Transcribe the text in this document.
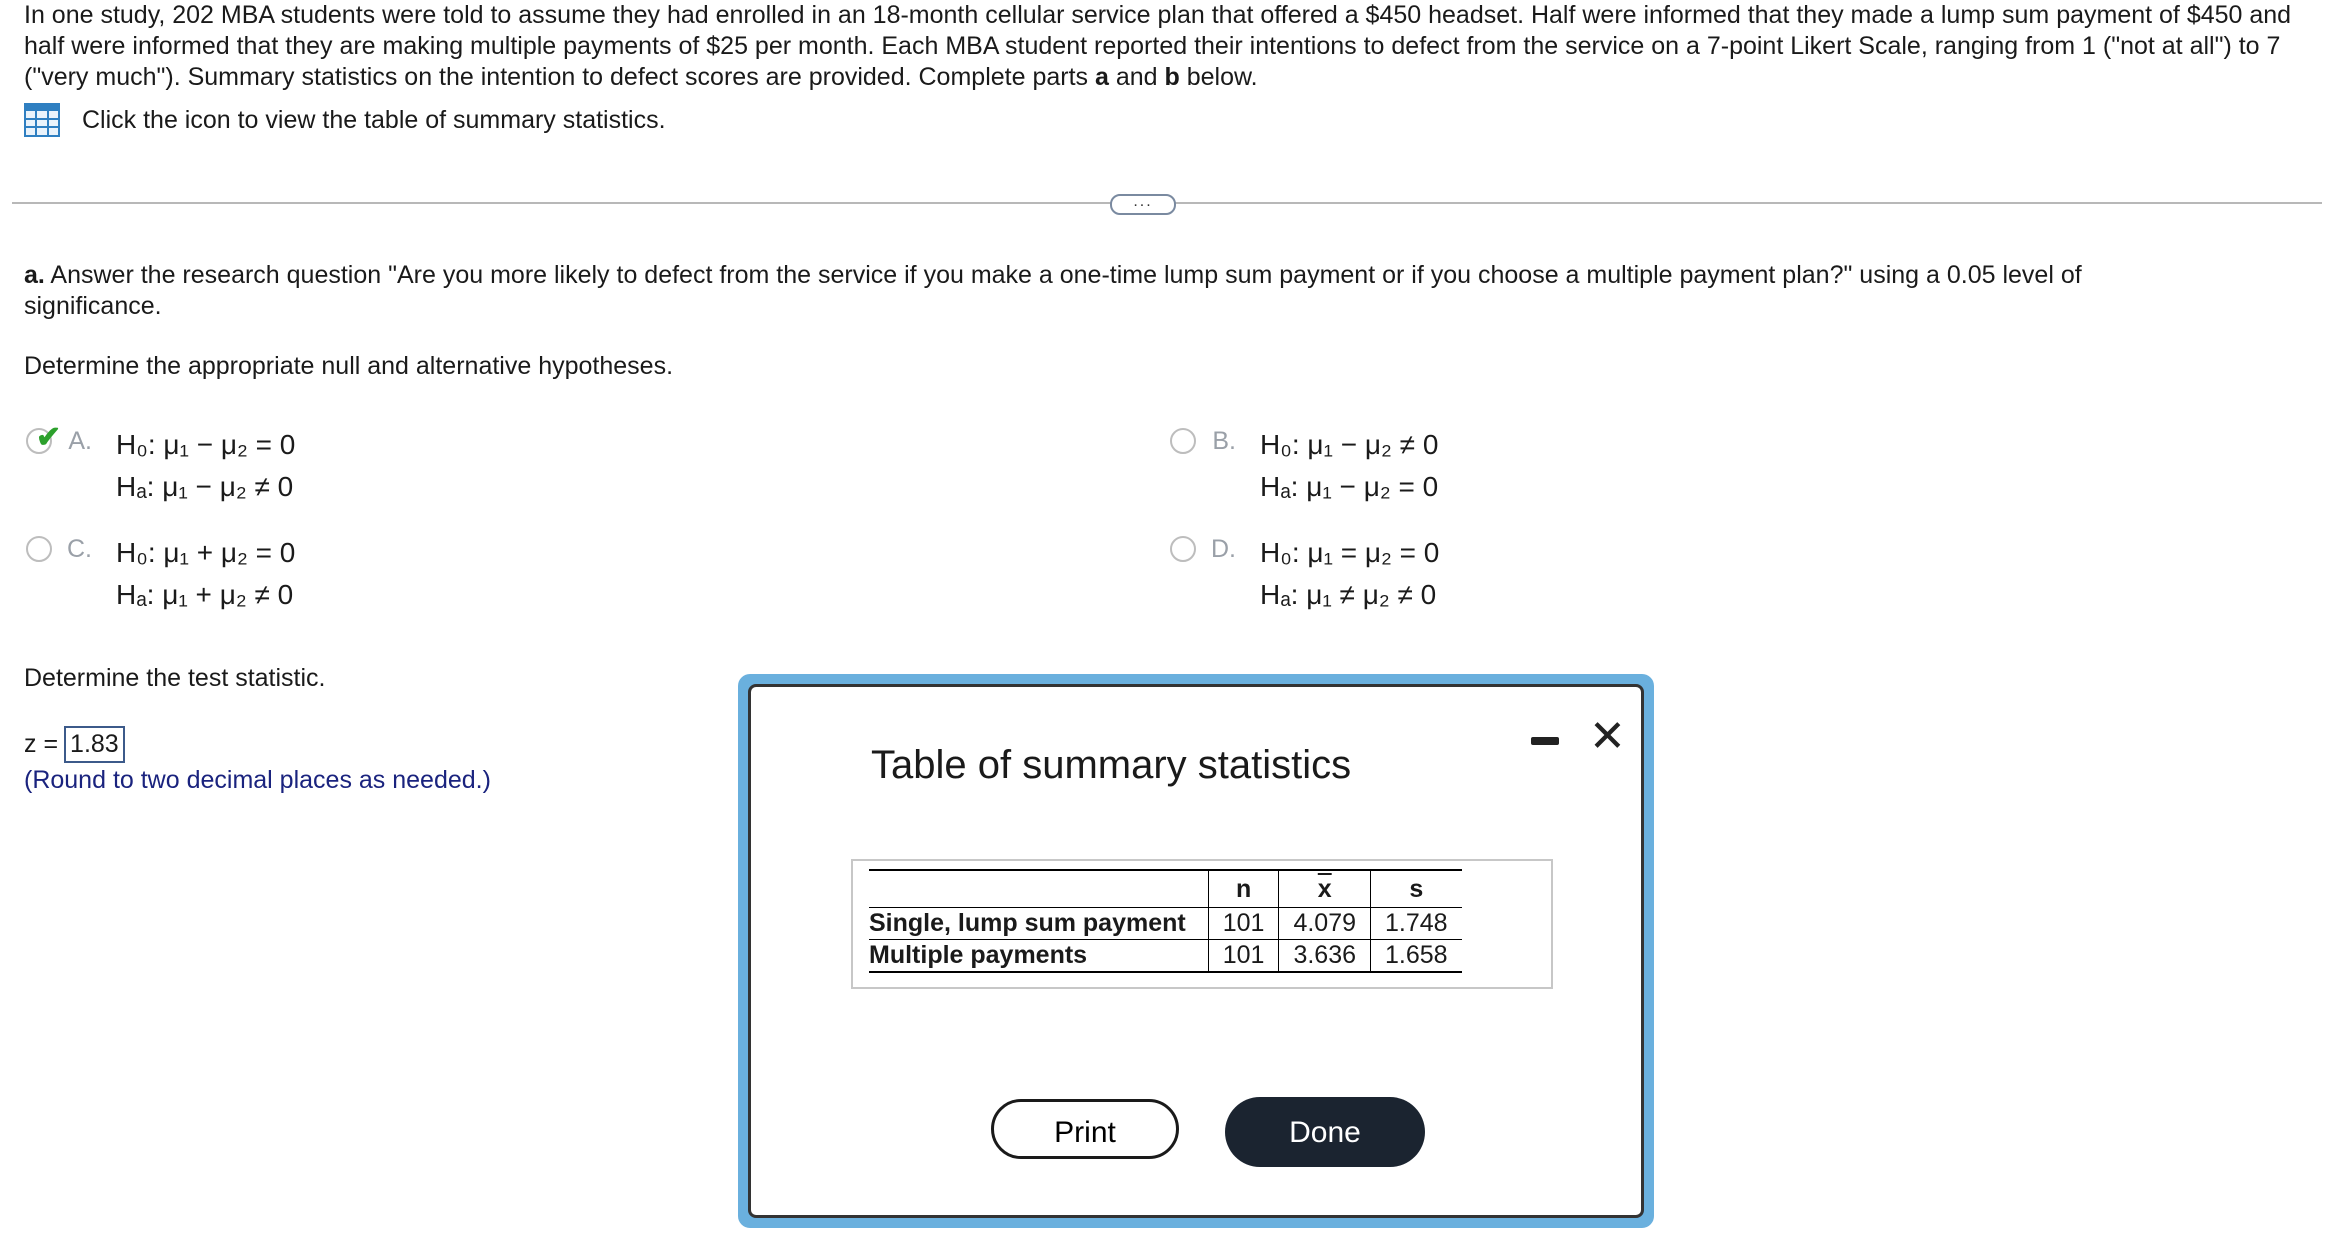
In one study, 202 MBA students were told to assume they had enrolled in an 18-month cellular service plan that offered a $450 headset. Half were informed that they made a lump sum payment of $450 and half were informed that they are making multiple payments of $25 per month. Each MBA student reported their intentions to defect from the service on a 7-point Likert Scale, ranging from 1 ("not at all") to 7 ("very much"). Summary statistics on the intention to defect scores are provided. Complete parts a and b below.
Click the icon to view the table of summary statistics.
...
a. Answer the research question "Are you more likely to defect from the service if you make a one-time lump sum payment or if you choose a multiple payment plan?" using a 0.05 level of significance.
Determine the appropriate null and alternative hypotheses.
✔ A. H₀: μ₁ − μ₂ = 0
Hₐ: μ₁ − μ₂ ≠ 0
B. H₀: μ₁ − μ₂ ≠ 0
Hₐ: μ₁ − μ₂ = 0
C. H₀: μ₁ + μ₂ = 0
Hₐ: μ₁ + μ₂ ≠ 0
D. H₀: μ₁ = μ₂ = 0
Hₐ: μ₁ ≠ μ₂ ≠ 0
Determine the test statistic.
z = 1.83
(Round to two decimal places as needed.)	Table of summary statistics
✕
	n	$\overline{x}$	s
Single, lump sum payment	101	4.079	1.748
Multiple payments	101	3.636	1.658
Print	Done
